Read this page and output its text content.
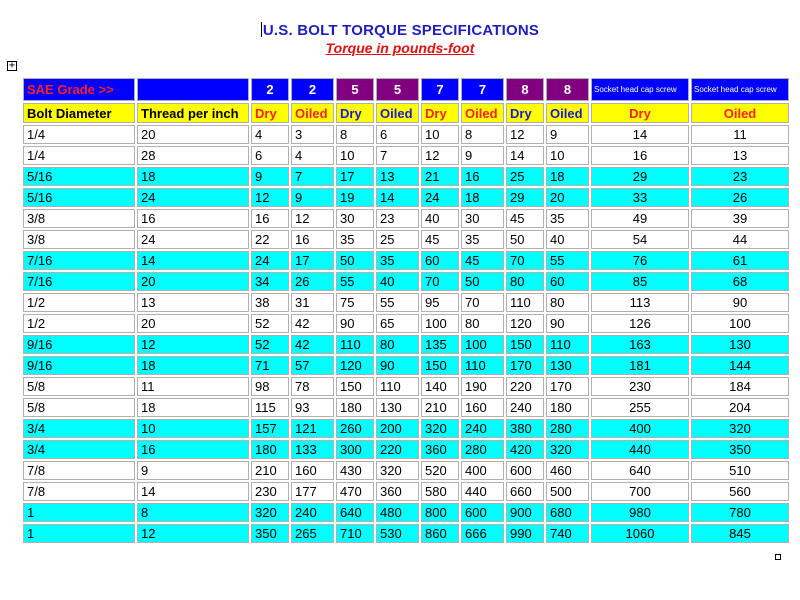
U.S. BOLT TORQUE SPECIFICATIONS
Torque in pounds-foot
+
SAE Grade >>		2	2	5	5	7	7	8	8	Socket head cap screw	Socket head cap screw
Bolt Diameter	Thread per inch	Dry	Oiled	Dry	Oiled	Dry	Oiled	Dry	Oiled	Dry	Oiled
1/4	20	4	3	8	6	10	8	12	9	14	11
1/4	28	6	4	10	7	12	9	14	10	16	13
5/16	18	9	7	17	13	21	16	25	18	29	23
5/16	24	12	9	19	14	24	18	29	20	33	26
3/8	16	16	12	30	23	40	30	45	35	49	39
3/8	24	22	16	35	25	45	35	50	40	54	44
7/16	14	24	17	50	35	60	45	70	55	76	61
7/16	20	34	26	55	40	70	50	80	60	85	68
1/2	13	38	31	75	55	95	70	110	80	113	90
1/2	20	52	42	90	65	100	80	120	90	126	100
9/16	12	52	42	110	80	135	100	150	110	163	130
9/16	18	71	57	120	90	150	110	170	130	181	144
5/8	11	98	78	150	110	140	190	220	170	230	184
5/8	18	115	93	180	130	210	160	240	180	255	204
3/4	10	157	121	260	200	320	240	380	280	400	320
3/4	16	180	133	300	220	360	280	420	320	440	350
7/8	9	210	160	430	320	520	400	600	460	640	510
7/8	14	230	177	470	360	580	440	660	500	700	560
1	8	320	240	640	480	800	600	900	680	980	780
1	12	350	265	710	530	860	666	990	740	1060	845
